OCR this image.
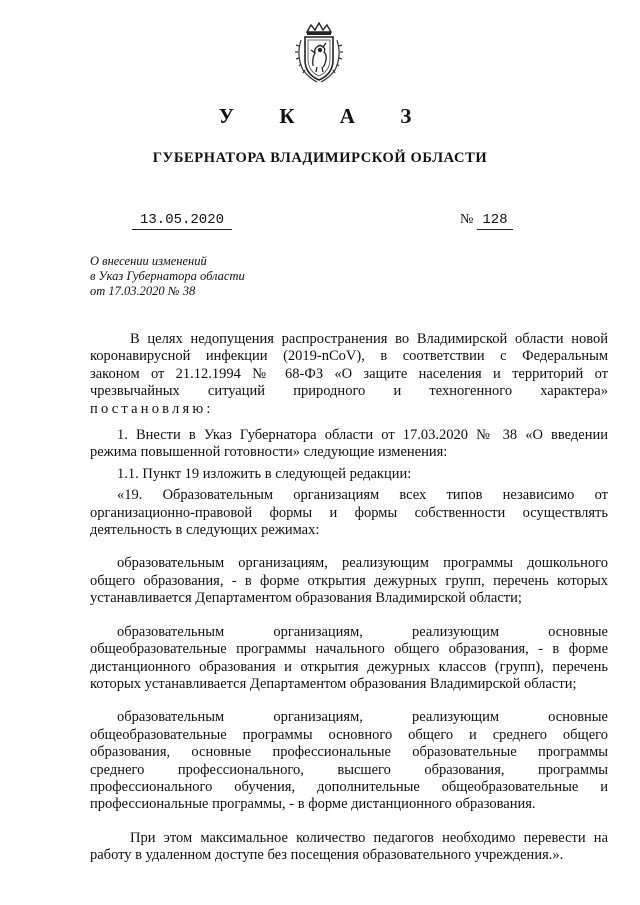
У К А З
ГУБЕРНАТОРА ВЛАДИМИРСКОЙ ОБЛАСТИ
13.05.2020	№ 128
О внесении изменений
в Указ Губернатора области
от 17.03.2020 № 38
В целях недопущения распространения во Владимирской области новой
коронавирусной инфекции (2019-nCoV), в соответствии с Федеральным
законом от 21.12.1994 № 68-ФЗ «О защите населения и территорий от
чрезвычайных ситуаций природного и техногенного характера»
постановляю:
1. Внести в Указ Губернатора области от 17.03.2020 № 38 «О введении
режима повышенной готовности» следующие изменения:
1.1. Пункт 19 изложить в следующей редакции:
«19. Образовательным организациям всех типов независимо от
организационно-правовой формы и формы собственности осуществлять
деятельность в следующих режимах:
образовательным организациям, реализующим программы дошкольного
общего образования, - в форме открытия дежурных групп, перечень которых
устанавливается Департаментом образования Владимирской области;
образовательным организациям, реализующим основные
общеобразовательные программы начального общего образования, - в форме
дистанционного образования и открытия дежурных классов (групп), перечень
которых устанавливается Департаментом образования Владимирской области;
образовательным организациям, реализующим основные
общеобразовательные программы основного общего и среднего общего
образования, основные профессиональные образовательные программы
среднего профессионального, высшего образования, программы
профессионального обучения, дополнительные общеобразовательные и
профессиональные программы, - в форме дистанционного образования.
При этом максимальное количество педагогов необходимо перевести на
работу в удаленном доступе без посещения образовательного учреждения.».
